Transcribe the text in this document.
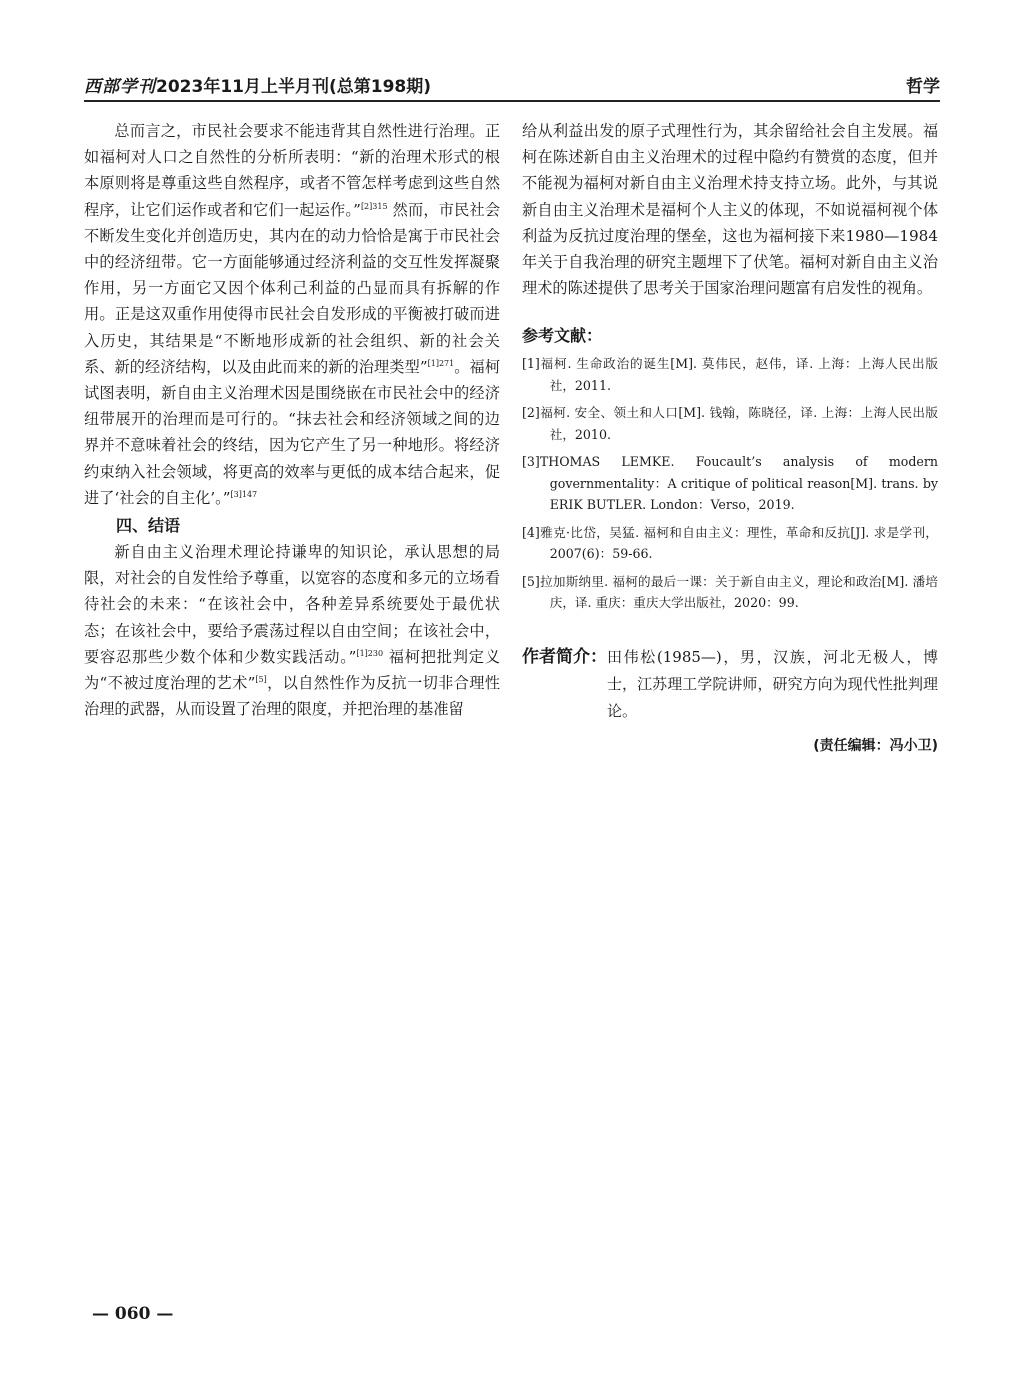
西部学刊2023年11月上半月刊(总第198期)	哲学

总而言之，市民社会要求不能违背其自然性进行治理。正如福柯对人口之自然性的分析所表明：“新的治理术形式的根本原则将是尊重这些自然程序，或者不管怎样考虑到这些自然程序，让它们运作或者和它们一起运作。”$^{[2]315}$ 然而，市民社会不断发生变化并创造历史，其内在的动力恰恰是寓于市民社会中的经济纽带。它一方面能够通过经济利益的交互性发挥凝聚作用，另一方面它又因个体利己利益的凸显而具有拆解的作用。正是这双重作用使得市民社会自发形成的平衡被打破而进入历史，其结果是“不断地形成新的社会组织、新的社会关系、新的经济结构，以及由此而来的新的治理类型”$^{[1]271}$。福柯试图表明，新自由主义治理术因是围绕嵌在市民社会中的经济纽带展开的治理而是可行的。“抹去社会和经济领域之间的边界并不意味着社会的终结，因为它产生了另一种地形。将经济约束纳入社会领域，将更高的效率与更低的成本结合起来，促进了‘社会的自主化’。”$^{[3]147}$

四、结语

新自由主义治理术理论持谦卑的知识论，承认思想的局限，对社会的自发性给予尊重，以宽容的态度和多元的立场看待社会的未来：“在该社会中，各种差异系统要处于最优状态；在该社会中，要给予震荡过程以自由空间；在该社会中，要容忍那些少数个体和少数实践活动。”$^{[1]230}$ 福柯把批判定义为“不被过度治理的艺术”[5]，以自然性作为反抗一切非合理性治理的武器，从而设置了治理的限度，并把治理的基准留

给从利益出发的原子式理性行为，其余留给社会自主发展。福柯在陈述新自由主义治理术的过程中隐约有赞赏的态度，但并不能视为福柯对新自由主义治理术持支持立场。此外，与其说新自由主义治理术是福柯个人主义的体现，不如说福柯视个体利益为反抗过度治理的堡垒，这也为福柯接下来1980—1984年关于自我治理的研究主题埋下了伏笔。福柯对新自由主义治理术的陈述提供了思考关于国家治理问题富有启发性的视角。

参考文献：
[1]福柯. 生命政治的诞生[M]. 莫伟民，赵伟，译. 上海：上海人民出版社，2011.
[2]福柯. 安全、领土和人口[M]. 钱翰，陈晓径，译. 上海：上海人民出版社，2010.
[3]THOMAS LEMKE. Foucault’s analysis of modern governmentality：A critique of political reason[M]. trans. by ERIK BUTLER. London：Verso，2019.
[4]雅克·比岱，吴猛. 福柯和自由主义：理性，革命和反抗[J]. 求是学刊，2007(6)：59-66.
[5]拉加斯纳里. 福柯的最后一课：关于新自由主义，理论和政治[M]. 潘培庆，译. 重庆：重庆大学出版社，2020：99.
作者简介： 田伟松(1985—)，男，汉族，河北无极人，博士，江苏理工学院讲师，研究方向为现代性批判理论。
(责任编辑：冯小卫)
— 060 —
